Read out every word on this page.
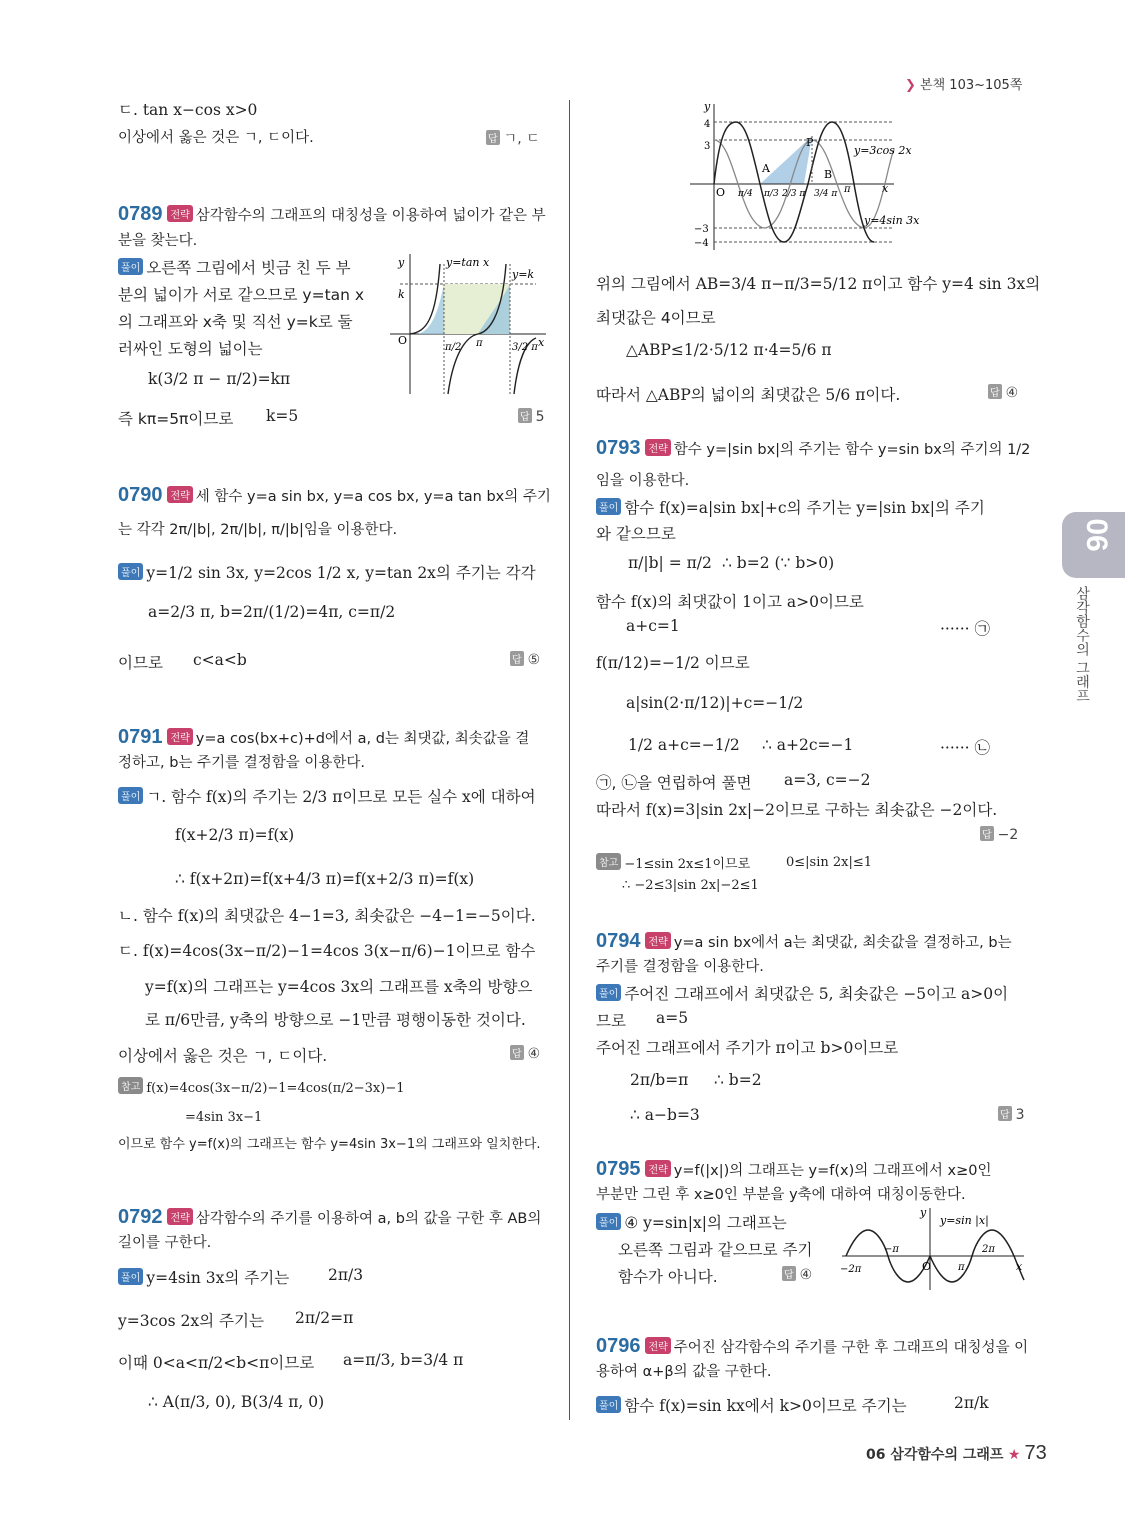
❯ 본책 103~105쪽
06
삼각함수의 그래프
06 삼각함수의 그래프 ★ 73
ㄷ. tan x−cos x>0
이상에서 옳은 것은 ㄱ, ㄷ이다.	답 ㄱ, ㄷ
0789 전략 삼각함수의 그래프의 대칭성을 이용하여 넓이가 같은 부
분을 찾는다.
풀이 오른쪽 그림에서 빗금 친 두 부
분의 넓이가 서로 같으므로 y=tan x
의 그래프와 x축 및 직선 y=k로 둘
러싸인 도형의 넓이는
k(3/2 π − π/2)=kπ
즉 kπ=5π이므로 k=5	답 5
y	y=tan x
y=k
k
O
π/2 π	3/2 π x
0790 전략 세 함수 y=a sin bx, y=a cos bx, y=a tan bx의 주기
는 각각 2π/|b|, 2π/|b|, π/|b|임을 이용한다.
풀이 y=1/2 sin 3x, y=2cos 1/2 x, y=tan 2x의 주기는 각각
a=2/3 π, b=2π/(1/2)=4π, c=π/2
이므로 c<a<b	답 ⑤
0791 전략 y=a cos(bx+c)+d에서 a, d는 최댓값, 최솟값을 결
정하고, b는 주기를 결정함을 이용한다.
풀이 ㄱ. 함수 f(x)의 주기는 2/3 π이므로 모든 실수 x에 대하여
f(x+2/3 π)=f(x)
∴ f(x+2π)=f(x+4/3 π)=f(x+2/3 π)=f(x)
ㄴ. 함수 f(x)의 최댓값은 4−1=3, 최솟값은 −4−1=−5이다.
ㄷ. f(x)=4cos(3x−π/2)−1=4cos 3(x−π/6)−1이므로 함수
y=f(x)의 그래프는 y=4cos 3x의 그래프를 x축의 방향으
로 π/6만큼, y축의 방향으로 −1만큼 평행이동한 것이다.
이상에서 옳은 것은 ㄱ, ㄷ이다.	답 ④
참고 f(x)=4cos(3x−π/2)−1=4cos(π/2−3x)−1
=4sin 3x−1
이므로 함수 y=f(x)의 그래프는 함수 y=4sin 3x−1의 그래프와 일치한다.
0792 전략 삼각함수의 주기를 이용하여 a, b의 값을 구한 후 AB의
길이를 구한다.
풀이 y=4sin 3x의 주기는	2π/3
y=3cos 2x의 주기는 2π/2=π
이때 0<a<π/2<b<π이므로 a=π/3, b=3/4 π
∴ A(π/3, 0), B(3/4 π, 0)
y
4
3
−3
−4
O π/4 π/3 2/3 π 3/4 π π	x
A	B
P
y=3cos 2x
y=4sin 3x
위의 그림에서 AB=3/4 π−π/3=5/12 π이고 함수 y=4 sin 3x의
최댓값은 4이므로
△ABP≤1/2·5/12 π·4=5/6 π
따라서 △ABP의 넓이의 최댓값은 5/6 π이다.	답 ④
0793 전략 함수 y=|sin bx|의 주기는 함수 y=sin bx의 주기의 1/2
임을 이용한다.
풀이 함수 f(x)=a|sin bx|+c의 주기는 y=|sin bx|의 주기
와 같으므로
π/|b| = π/2 ∴ b=2 (∵ b>0)
함수 f(x)의 최댓값이 1이고 a>0이므로
a+c=1	······ ㉠
f(π/12)=−1/2 이므로
a|sin(2·π/12)|+c=−1/2
1/2 a+c=−1/2 ∴ a+2c=−1	······ ㉡
㉠, ㉡을 연립하여 풀면 a=3, c=−2
따라서 f(x)=3|sin 2x|−2이므로 구하는 최솟값은 −2이다.
답 −2
참고 −1≤sin 2x≤1이므로	0≤|sin 2x|≤1
∴ −2≤3|sin 2x|−2≤1
0794 전략 y=a sin bx에서 a는 최댓값, 최솟값을 결정하고, b는
주기를 결정함을 이용한다.
풀이 주어진 그래프에서 최댓값은 5, 최솟값은 −5이고 a>0이
므로 a=5
주어진 그래프에서 주기가 π이고 b>0이므로
2π/b=π ∴ b=2
∴ a−b=3	답 3
0795 전략 y=f(|x|)의 그래프는 y=f(x)의 그래프에서 x≥0인
부분만 그린 후 x≥0인 부분을 y축에 대하여 대칭이동한다.
풀이 ④ y=sin|x|의 그래프는
오른쪽 그림과 같으므로 주기
함수가 아니다.	답 ④
y
y=sin |x|
−π
−2π	O	π
2π
x
0796 전략 주어진 삼각함수의 주기를 구한 후 그래프의 대칭성을 이
용하여 α+β의 값을 구한다.
풀이 함수 f(x)=sin kx에서 k>0이므로 주기는	2π/k
